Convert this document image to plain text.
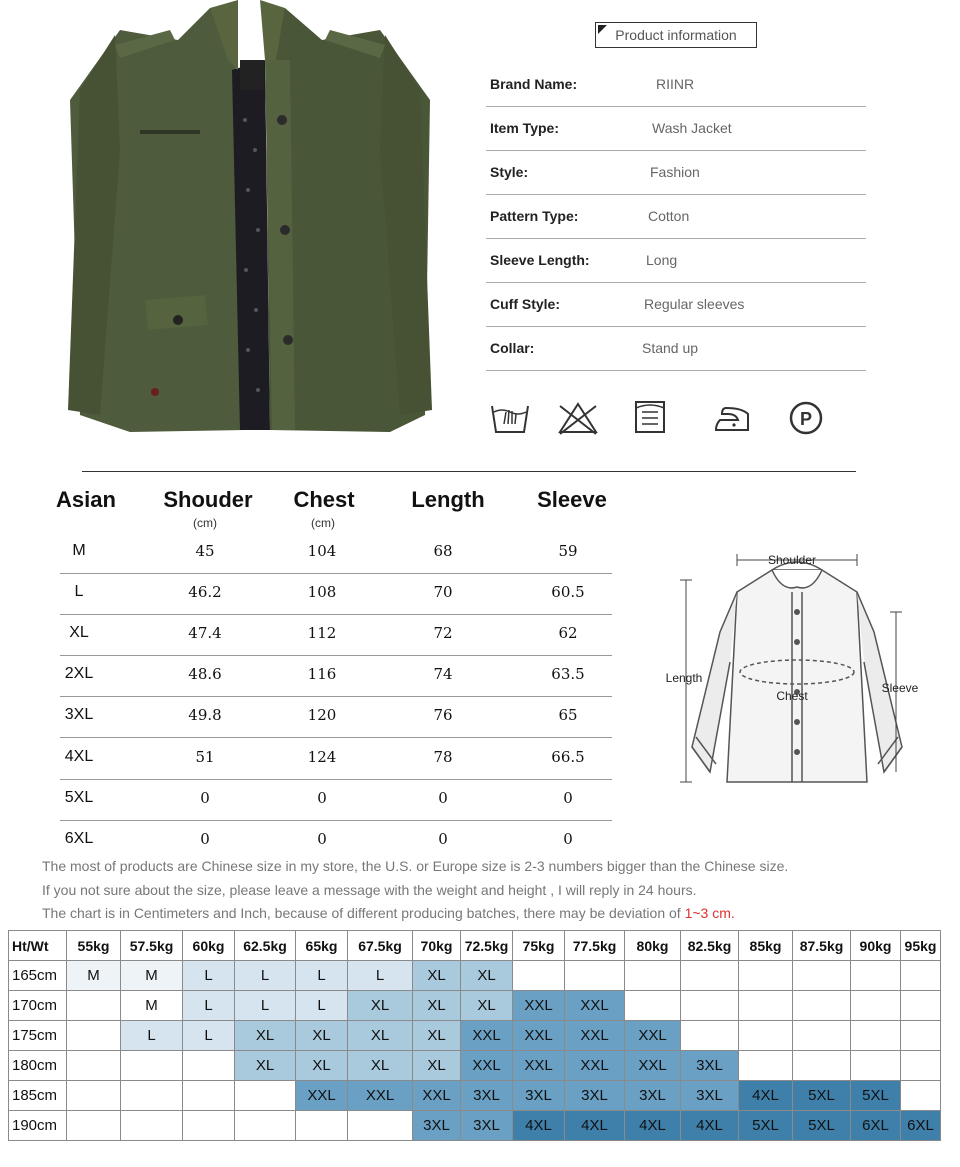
Product information
Brand Name:	RIINR
Item Type:	Wash Jacket
Style:	Fashion
Pattern Type:	Cotton
Sleeve Length:	Long
Cuff Style:	Regular sleeves
Collar:	Stand up
P
Asian	Shouder	Chest	Length	Sleeve
(cm)	(cm)
M	45	104	68	59
L	46.2	108	70	60.5
XL	47.4	112	72	62
2XL	48.6	116	74	63.5
3XL	49.8	120	76	65
4XL	51	124	78	66.5
5XL	0	0	0	0
6XL	0	0	0	0
Shoulder
Length
Chest
Sleeve
The most of products are Chinese size in my store, the U.S. or Europe size is 2-3 numbers bigger than the Chinese size.
If you not sure about the size, please leave a message with the weight and height , I will reply in 24 hours.
The chart is in Centimeters and Inch, because of different producing batches, there may be deviation of 1~3 cm.
Ht/Wt	55kg	57.5kg	60kg	62.5kg	65kg	67.5kg	70kg	72.5kg	75kg	77.5kg	80kg	82.5kg	85kg	87.5kg	90kg	95kg	
165cm	M	M	L	L	L	L	XL	XL									
170cm		M	L	L	L	XL	XL	XL	XXL	XXL							
175cm		L	L	XL	XL	XL	XL	XXL	XXL	XXL	XXL						
180cm				XL	XL	XL	XL	XXL	XXL	XXL	XXL	3XL					
185cm					XXL	XXL	XXL	3XL	3XL	3XL	3XL	3XL	4XL	5XL	5XL		
190cm							3XL	3XL	4XL	4XL	4XL	4XL	5XL	5XL	6XL	6XL	
